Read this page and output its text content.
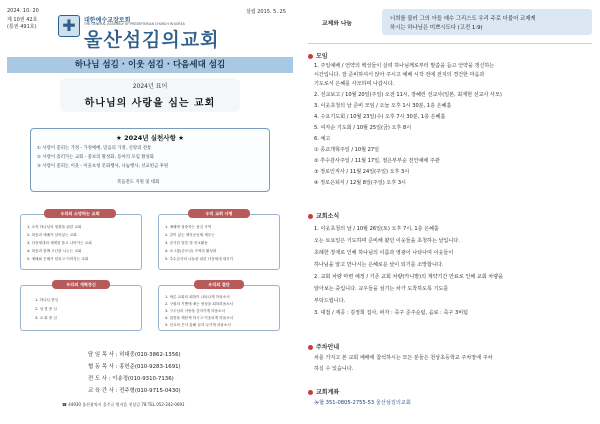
2024. 10. 20
제 10권 42호
(통권 491호)
설립 2015. 5. 25
✚	대한예수교장로회
THE GENERAL ASSEMBLY OF PRESBYTERIAN CHURCH IN KOREA
울산섬김의교회
하나님 섬김 · 이웃 섬김 · 다음세대 섬김
2024년 표어
하나님의 사랑을 심는 교회
★ 2024년 실천사항 ★
① 사랑이 꽃피는 가정 - 가정예배, 믿음의 가정, 신앙의 전통
② 사랑이 흘러가는 교회 - 중보의 활성화, 동아리 모임 활성화
③ 사랑이 꽃피는 이웃 - 이웃초청 문화행사, 나눔행사, 선교헌금 후원
복음전도 지원 및 대회
1. 오직 하나님의 영광을 위한 교회
2. 복음과 예배가 살아있는 교회
3. 다음세대의 세계를 품고 나아가는 교회
4. 복음과 함께 고난을 나누는 교회
5. 예배와 은혜가 넘치고 이어지는 교회
우리의 소망하는 교회
1. 예배에 집중하는 섬김 사역
2. 같이 있는 제자공동체 세우는
3. 공사한 말씀 빛 선교활동
4. 소그룹(순모임) 사역의 활성화
5. 추수감사의 나눔을 위한 다음세대 세우기
우리 교회 사명
1. 하나님 중심
2. 성 경 중 심
3. 교 회 중 심
우리의 개혁정신
1. 바른 교회의 회복이 나타나게 하옵소서
2. 구원의 기쁨에 매는 영성을 회복하옵소서
3. 구주님의 사랑을 갚아가게 하옵소서
4. 말씀을 깨닫게 하시고 이웃되게 하옵소서
5. 선교의 은사 통해 섬겨 나가게 하옵소서
우리의 결단
담 임 목 사 : 허대중(010-3862-1356)
협 동 목 사 : 홍헌준(010-9283-1691)
전 도 사 : 이송정(010-9310-7136)
교 육 간 사 : 전주형(010-9715-0430)
☎ 44930 울산광역시 울주군 범서읍 천상길 78 TEL 052-242-0691
교제와 나눔
너희를 불러 그의 아들 예수 그리스도 우리 주로 더불어 교제케
하시는 하나님은 미쁘시도다 (고전 1:9)
모임
1. 주일예배 / 언약의 백성들이 살려 하나님께로부터 말씀을 듣고 언약을 갱신하는
시간입니다. 잘 준비하셔서 앉아 주시고 예배 시작 전에 전지의 경건한 마음과
기도로서 은혜를 사모하며 나갑시다.
2. 선교보고 / 10월 20일(주일) 오전 11시, 장혜린 선교사(일본, 최재헌 선교사 사모)
3. 이웃초청의 날 준비 모임 / 오늘 오후 1시 30분, 1층 은혜홀
4. 수요기도회 / 10월 23일(수) 오후 7시 30분, 1층 은혜홀
5. 여자순 기도회 / 10월 25일(금) 오후 8시
6. 예고
① 종교개혁주일 / 10월 27일
② 추수감사주일 / 11월 17일, 절은부부순 전인예배 주관
③ 정로인직사 / 11월 24일(주일) 오후 3시
④ 정로은퇴식 / 12월 8일(주일) 오후 3시
교회소식
1. 이웃초청의 날 / 10월 26일(토) 오후 7시, 1층 은혜홀
오는 토요일은 기도하며 준비해 왔던 이웃들을 초청하는 날입니다.
초례한 장재로 인해 하나님의 이름과 영광이 나타나며 이웃들이
하나님을 알고 만나시는 은혜로운 날이 되기를 소망합니다.
2. 교회 차량 마련 예정 / 기존 교회 차량(카니발)의 계약기간 만료로 인해 교회 차량을
알아보는 중입니다. 교우들을 섬기는 차가 도착하도록 기도를
부탁드립니다.
3. 대접 / 제공 : 김정희 집사, 퍼자 : 죽구 준주순팀, 음료 : 죽구 3비팀
주차안내
차를 가지고 본 교회 예배에 참석하시는 모든 분들은 천상초등학교 주차장에 주차
하실 수 있습니다.
교회계좌
농협 351-0805-2755-53 울산섬김의교회
